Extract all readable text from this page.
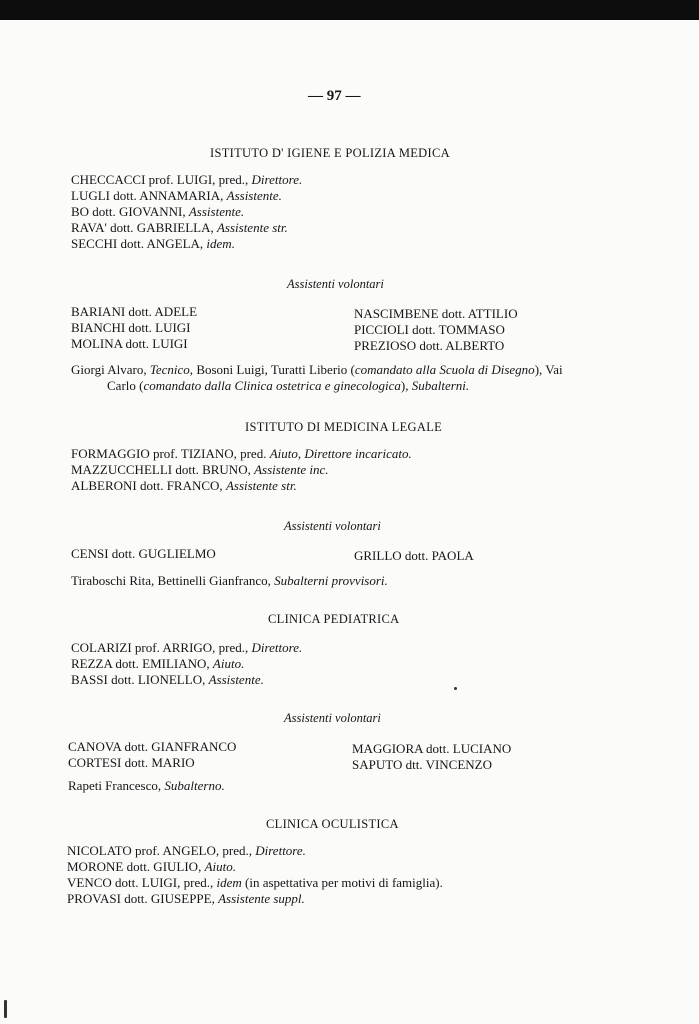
— 97 —
ISTITUTO D' IGIENE E POLIZIA MEDICA
CHECCACCI prof. LUIGI, pred., Direttore.
LUGLI dott. ANNAMARIA, Assistente.
BO dott. GIOVANNI, Assistente.
RAVA' dott. GABRIELLA, Assistente str.
SECCHI dott. ANGELA, idem.
Assistenti volontari
BARIANI dott. ADELE
BIANCHI dott. LUIGI
MOLINA dott. LUIGI
NASCIMBENE dott. ATTILIO
PICCIOLI dott. TOMMASO
PREZIOSO dott. ALBERTO
Giorgi Alvaro, Tecnico, Bosoni Luigi, Turatti Liberio (comandato alla Scuola di Disegno), Vai
Carlo (comandato dalla Clinica ostetrica e ginecologica), Subalterni.
ISTITUTO DI MEDICINA LEGALE
FORMAGGIO prof. TIZIANO, pred. Aiuto, Direttore incaricato.
MAZZUCCHELLI dott. BRUNO, Assistente inc.
ALBERONI dott. FRANCO, Assistente str.
Assistenti volontari
CENSI dott. GUGLIELMO	GRILLO dott. PAOLA
Tiraboschi Rita, Bettinelli Gianfranco, Subalterni provvisori.
CLINICA PEDIATRICA
COLARIZI prof. ARRIGO, pred., Direttore.
REZZA dott. EMILIANO, Aiuto.
BASSI dott. LIONELLO, Assistente.
Assistenti volontari
CANOVA dott. GIANFRANCO
CORTESI dott. MARIO
MAGGIORA dott. LUCIANO
SAPUTO dtt. VINCENZO
Rapeti Francesco, Subalterno.
CLINICA OCULISTICA
NICOLATO prof. ANGELO, pred., Direttore.
MORONE dott. GIULIO, Aiuto.
VENCO dott. LUIGI, pred., idem (in aspettativa per motivi di famiglia).
PROVASI dott. GIUSEPPE, Assistente suppl.
